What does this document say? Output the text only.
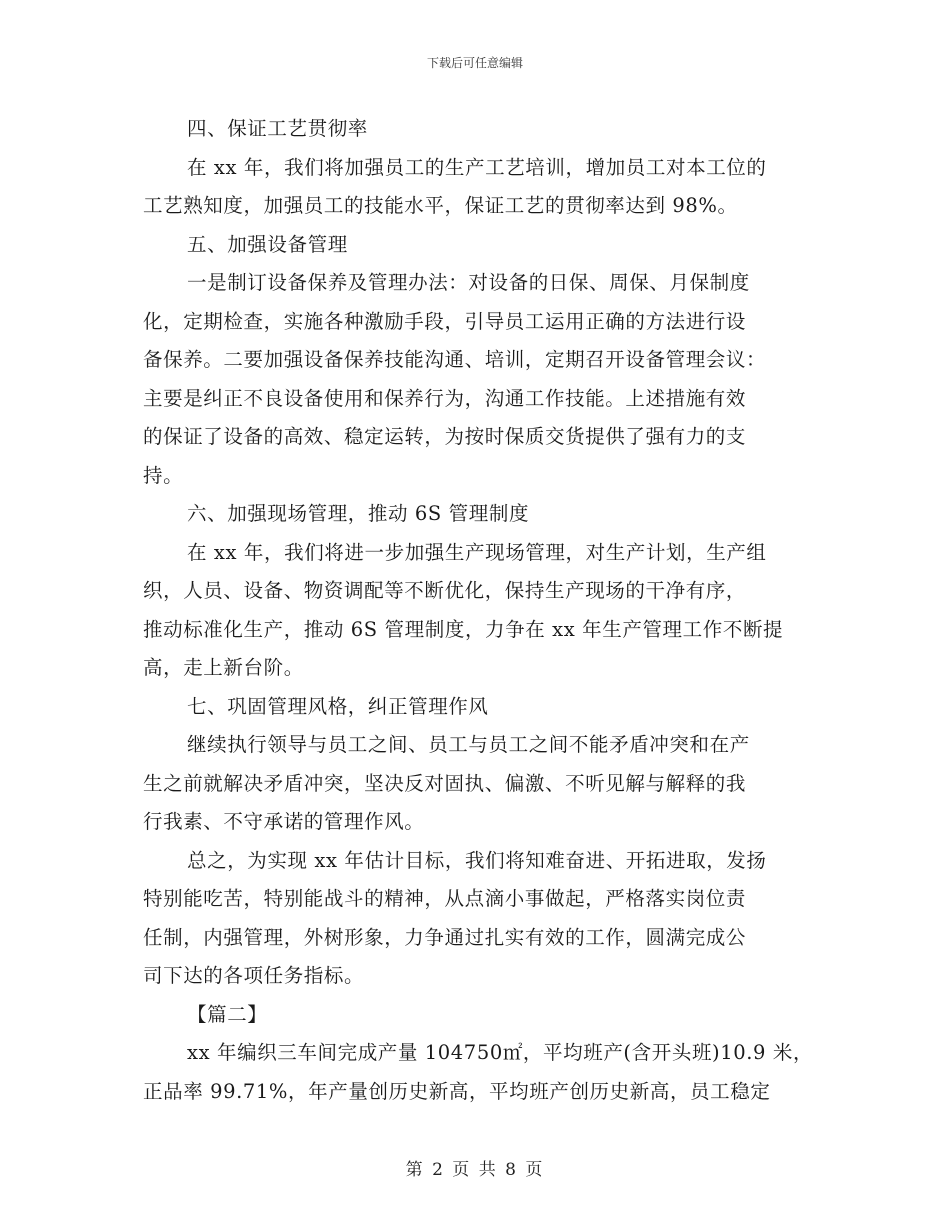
下载后可任意编辑
四、保证工艺贯彻率
在 xx 年，我们将加强员工的生产工艺培训，增加员工对本工位的
工艺熟知度，加强员工的技能水平，保证工艺的贯彻率达到 98%。
五、加强设备管理
一是制订设备保养及管理办法：对设备的日保、周保、月保制度
化，定期检查，实施各种激励手段，引导员工运用正确的方法进行设
备保养。二要加强设备保养技能沟通、培训，定期召开设备管理会议：
主要是纠正不良设备使用和保养行为，沟通工作技能。上述措施有效
的保证了设备的高效、稳定运转，为按时保质交货提供了强有力的支
持。
六、加强现场管理，推动 6S 管理制度
在 xx 年，我们将进一步加强生产现场管理，对生产计划，生产组
织，人员、设备、物资调配等不断优化，保持生产现场的干净有序，
推动标准化生产，推动 6S 管理制度，力争在 xx 年生产管理工作不断提
高，走上新台阶。
七、巩固管理风格，纠正管理作风
继续执行领导与员工之间、员工与员工之间不能矛盾冲突和在产
生之前就解决矛盾冲突，坚决反对固执、偏激、不听见解与解释的我
行我素、不守承诺的管理作风。
总之，为实现 xx 年估计目标，我们将知难奋进、开拓进取，发扬
特别能吃苦，特别能战斗的精神，从点滴小事做起，严格落实岗位责
任制，内强管理，外树形象，力争通过扎实有效的工作，圆满完成公
司下达的各项任务指标。
【篇二】
xx 年编织三车间完成产量 104750㎡，平均班产(含开头班)10.9 米，
正品率 99.71%，年产量创历史新高，平均班产创历史新高，员工稳定
第 2 页 共 8 页
